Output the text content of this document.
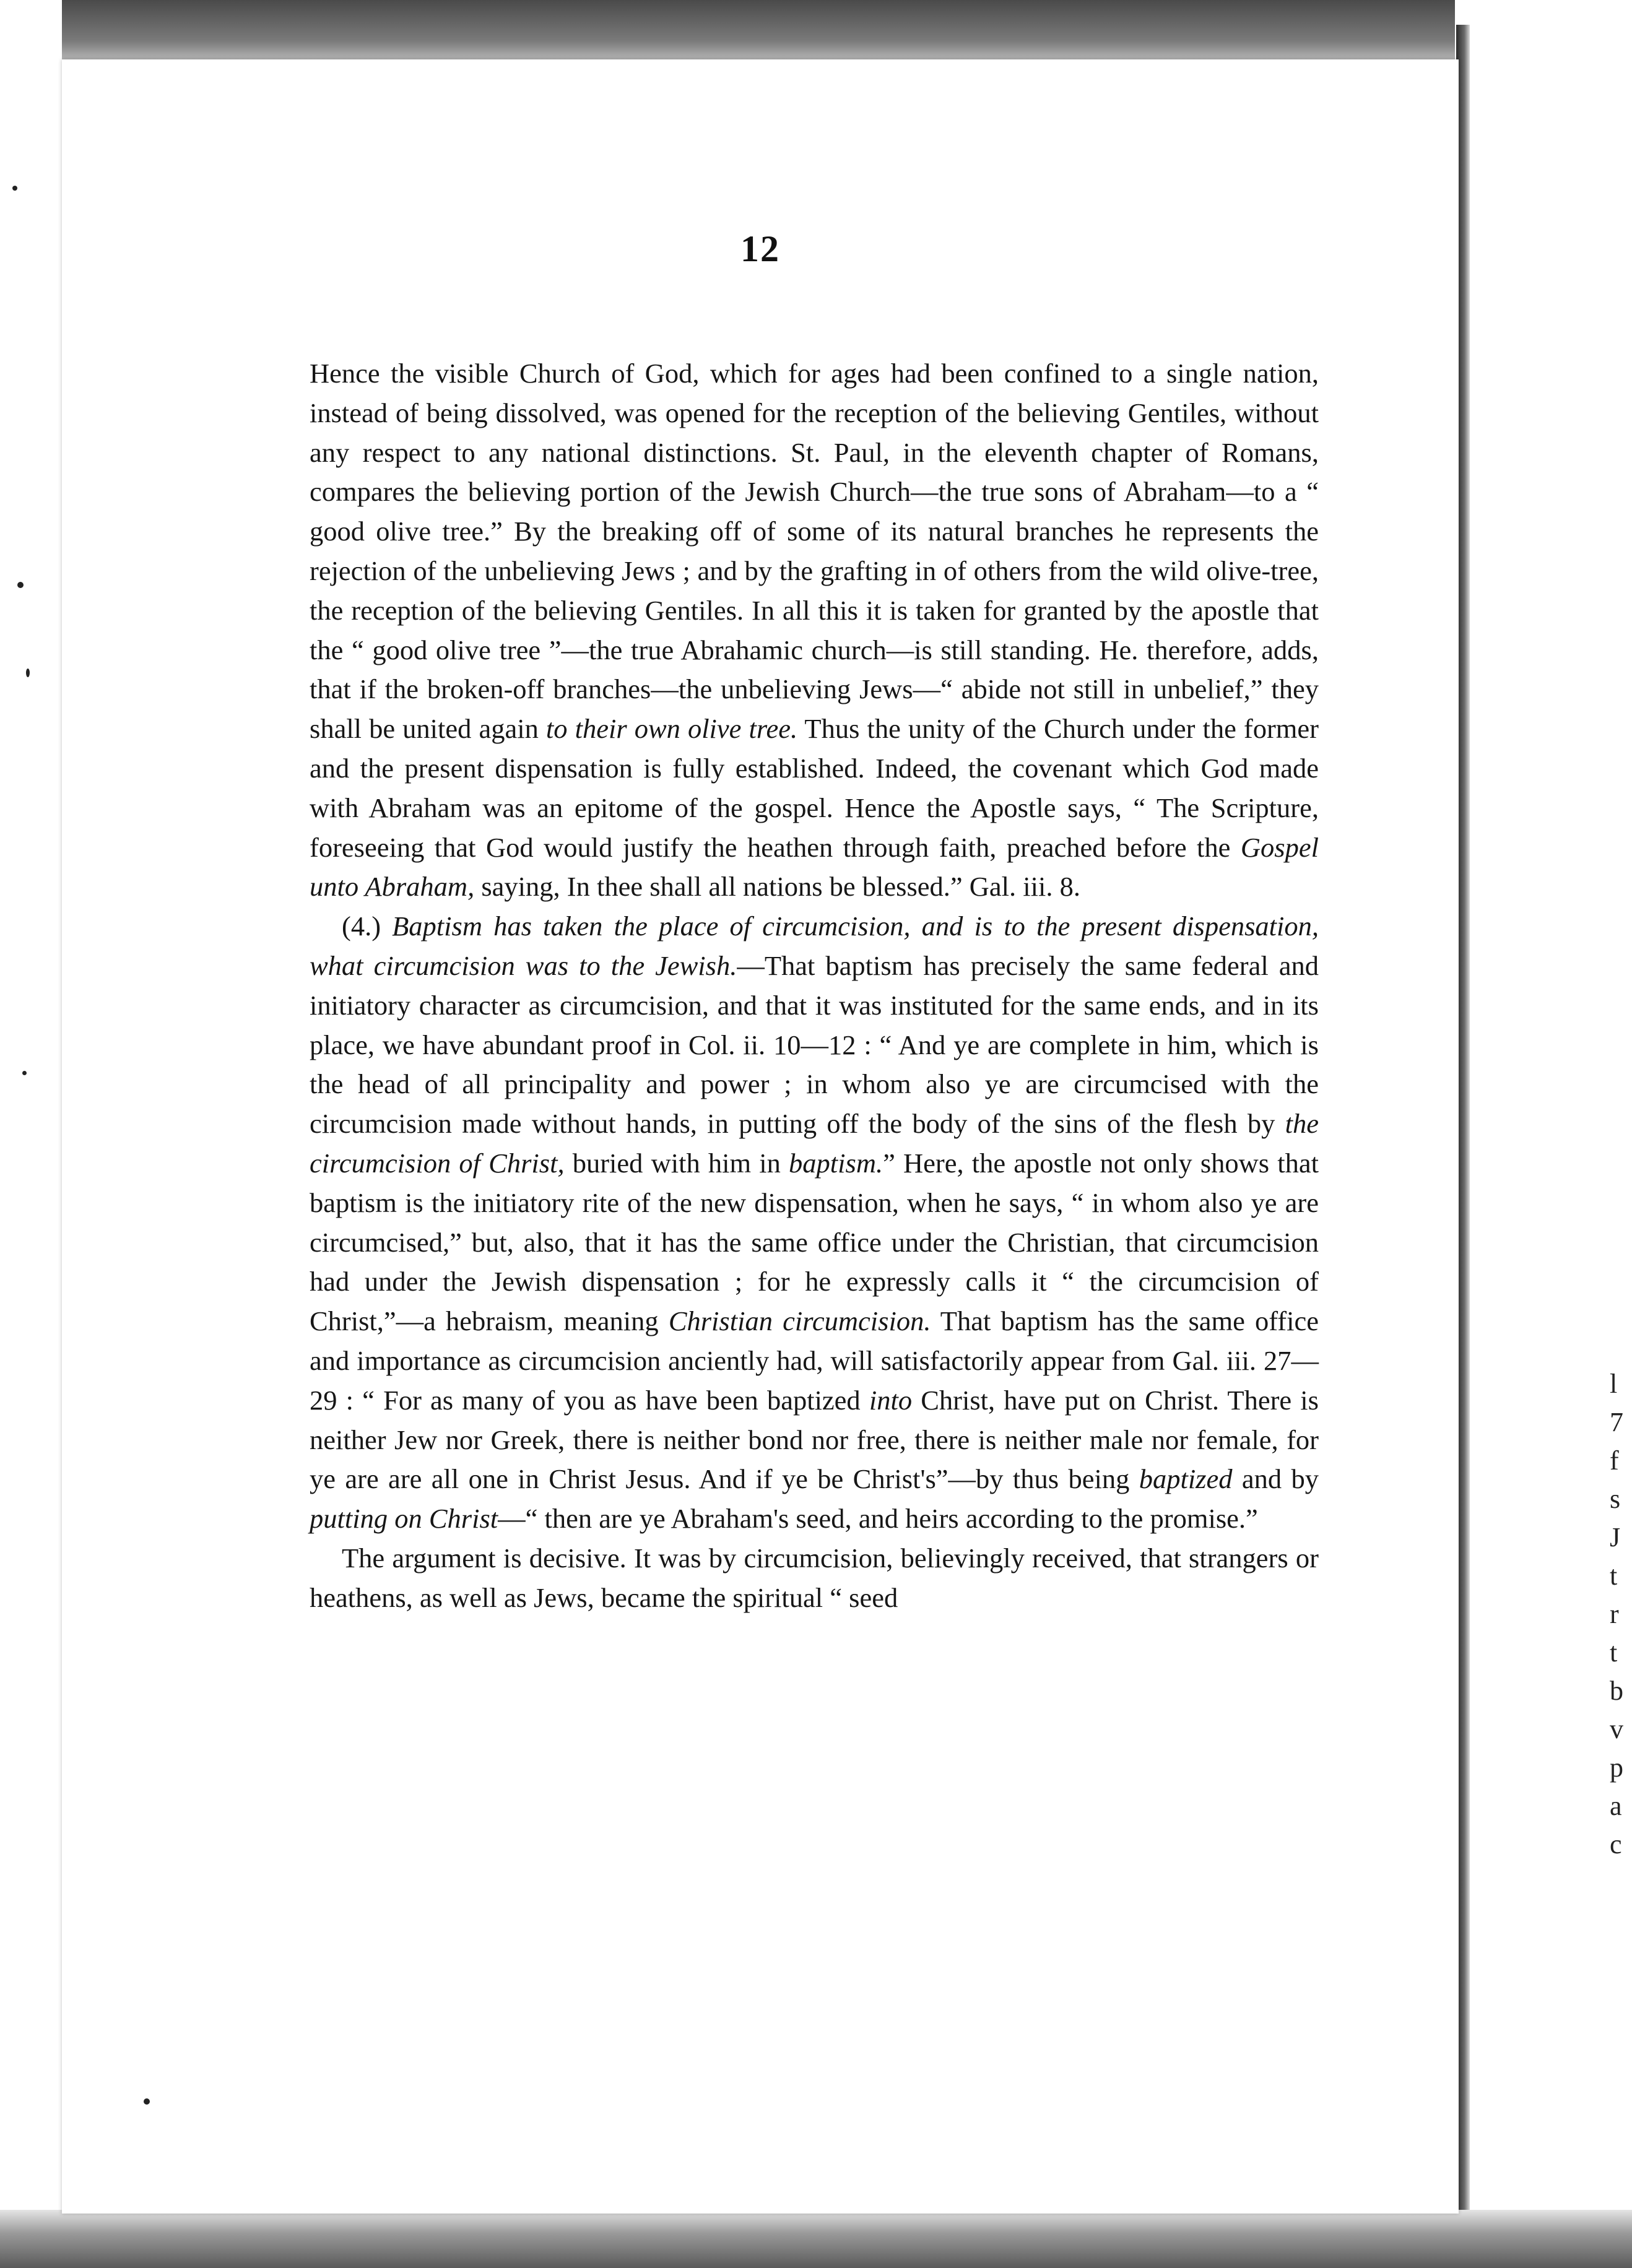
12

Hence the visible Church of God, which for ages had been confined to a single nation, instead of being dissolved, was opened for the reception of the believing Gentiles, without any respect to any national distinctions. St. Paul, in the eleventh chapter of Romans, compares the believing portion of the Jewish Church—the true sons of Abraham—to a “ good olive tree.” By the breaking off of some of its natural branches he represents the rejection of the unbelieving Jews ; and by the grafting in of others from the wild olive-tree, the reception of the believing Gentiles. In all this it is taken for granted by the apostle that the “ good olive tree ”—the true Abrahamic church—is still standing. He. therefore, adds, that if the broken-off branches—the unbelieving Jews—“ abide not still in unbelief,” they shall be united again to their own olive tree. Thus the unity of the Church under the former and the present dispensation is fully established. Indeed, the covenant which God made with Abraham was an epitome of the gospel. Hence the Apostle says, “ The Scripture, foreseeing that God would justify the heathen through faith, preached before the Gospel unto Abraham, saying, In thee shall all nations be blessed.” Gal. iii. 8.

(4.) Baptism has taken the place of circumcision, and is to the present dispensation, what circumcision was to the Jewish.—That baptism has precisely the same federal and initiatory character as circumcision, and that it was instituted for the same ends, and in its place, we have abundant proof in Col. ii. 10—12 : “ And ye are complete in him, which is the head of all principality and power ; in whom also ye are circumcised with the circumcision made without hands, in putting off the body of the sins of the flesh by the circumcision of Christ, buried with him in baptism.” Here, the apostle not only shows that baptism is the initiatory rite of the new dispensation, when he says, “ in whom also ye are circumcised,” but, also, that it has the same office under the Christian, that circumcision had under the Jewish dispensation ; for he expressly calls it “ the circumcision of Christ,”—a hebraism, meaning Christian circumcision. That baptism has the same office and importance as circumcision anciently had, will satisfactorily appear from Gal. iii. 27—29 : “ For as many of you as have been baptized into Christ, have put on Christ. There is neither Jew nor Greek, there is neither bond nor free, there is neither male nor female, for ye are are all one in Christ Jesus. And if ye be Christ's”—by thus being baptized and by putting on Christ—“ then are ye Abraham's seed, and heirs according to the promise.”

The argument is decisive. It was by circumcision, believingly received, that strangers or heathens, as well as Jews, became the spiritual “ seed

l
7
f
s
J
t
r
t
b
v
p
a
c
